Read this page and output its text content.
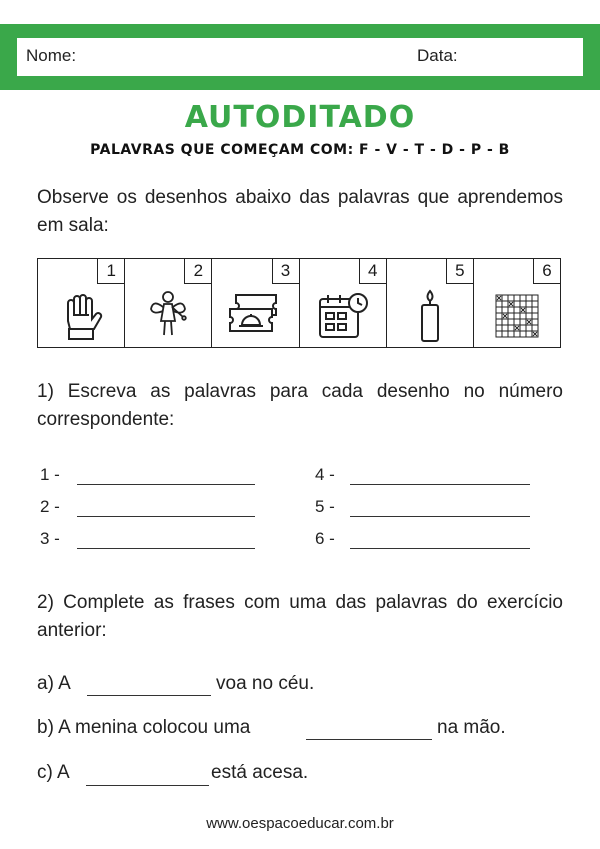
Nome:	Data:
AUTODITADO
PALAVRAS QUE COMEÇAM COM: F - V - T - D - P - B
Observe os desenhos abaixo das palavras que aprendemos em sala:
1	2	3	4	5	6
1) Escreva as palavras para cada desenho no número correspondente:
1 -
2 -
3 -
4 -
5 -
6 -
2) Complete as frases com uma das palavras do exercício anterior:
a) A	voa no céu.
b) A menina colocou uma	na mão.
c) A	está acesa.
www.oespacoeducar.com.br
